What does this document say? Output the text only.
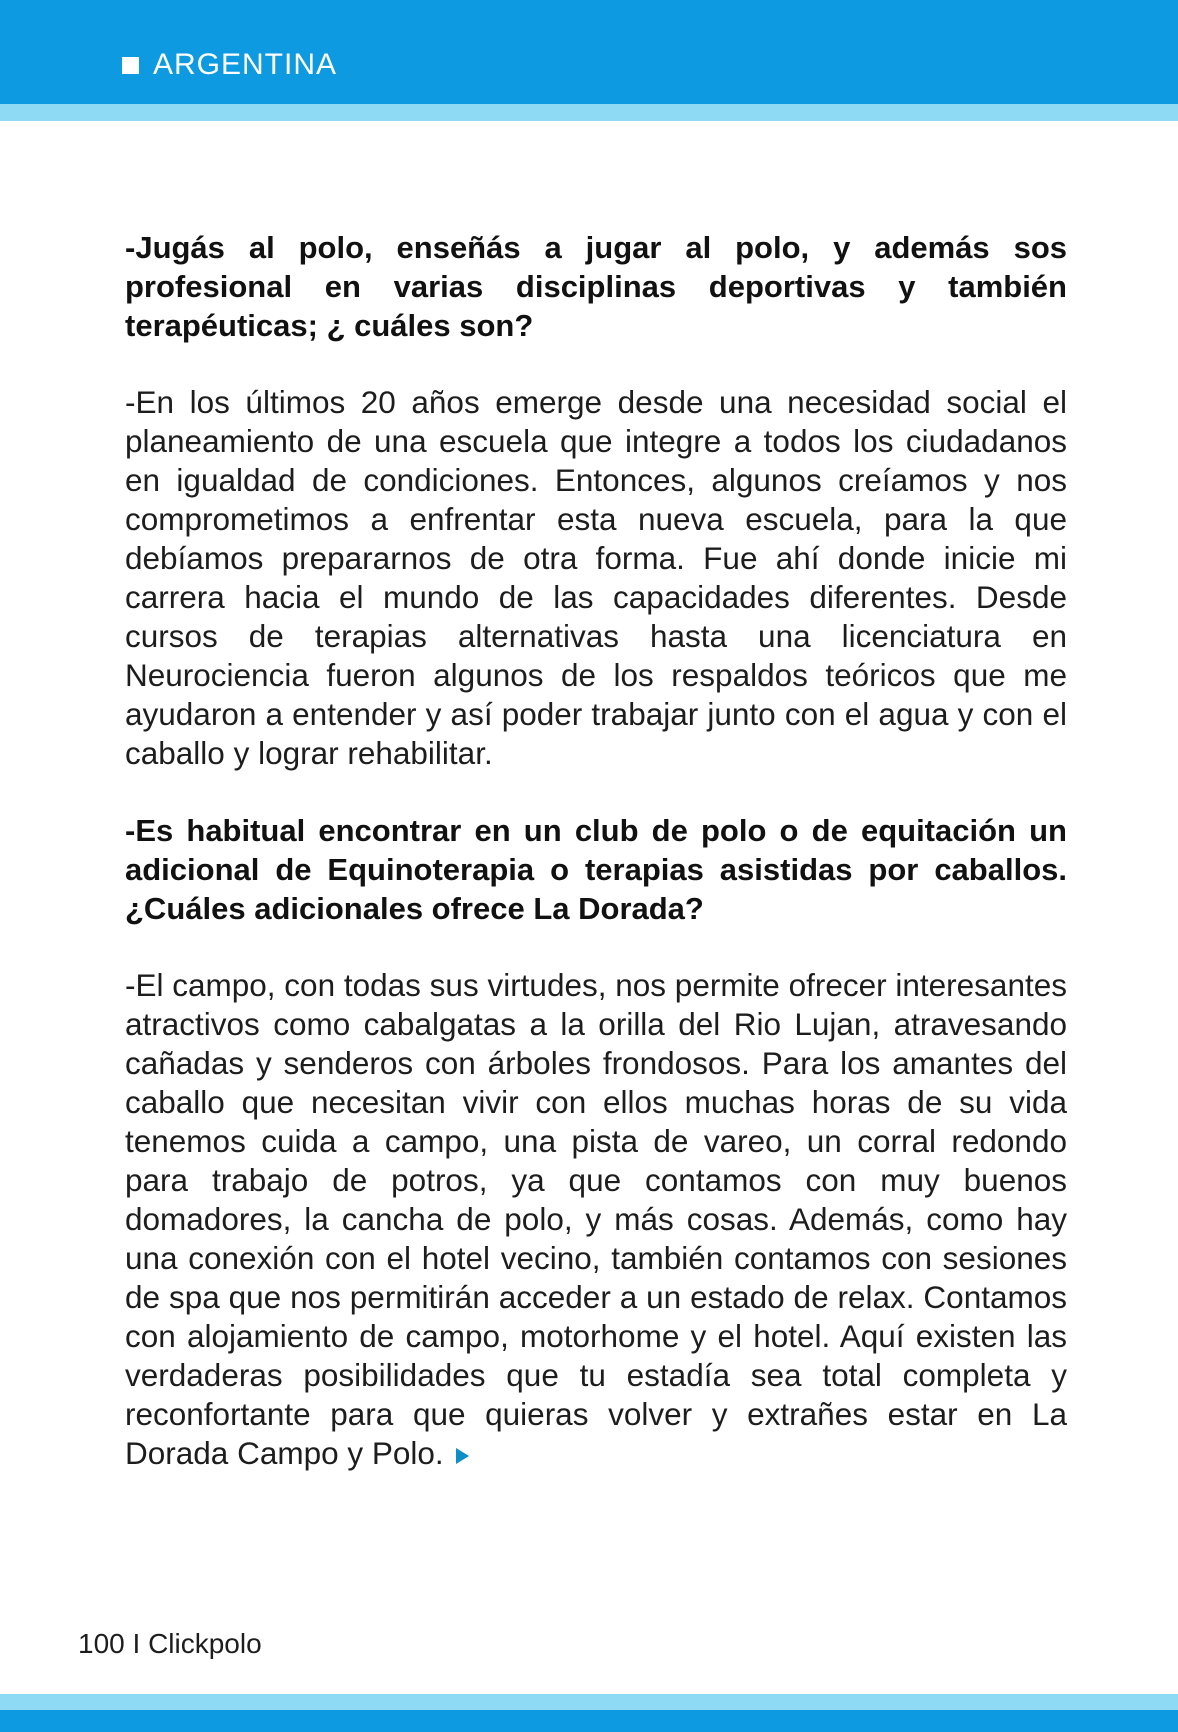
ARGENTINA

-Jugás al polo, enseñás a jugar al polo, y además sos profesional en varias disciplinas deportivas y también terapéuticas; ¿ cuáles son?

-En los últimos 20 años emerge desde una necesidad social el planeamiento de una escuela que integre a todos los ciudadanos en igualdad de condiciones. Entonces, algunos creíamos y nos comprometimos a enfrentar esta nueva escuela, para la que debíamos prepararnos de otra forma. Fue ahí donde inicie mi carrera hacia el mundo de las capacidades diferentes. Desde cursos de terapias alternativas hasta una licenciatura en Neurociencia fueron algunos de los respaldos teóricos que me ayudaron a entender y así poder trabajar junto con el agua y con el caballo y lograr rehabilitar.

-Es habitual encontrar en un club de polo o de equitación un adicional de Equinoterapia o terapias asistidas por caballos. ¿Cuáles adicionales ofrece La Dorada?

-El campo, con todas sus virtudes, nos permite ofrecer interesantes atractivos como cabalgatas a la orilla del Rio Lujan, atravesando cañadas y senderos con árboles frondosos. Para los amantes del caballo que necesitan vivir con ellos muchas horas de su vida tenemos cuida a campo, una pista de vareo, un corral redondo para trabajo de potros, ya que contamos con muy buenos domadores, la cancha de polo, y más cosas. Además, como hay una conexión con el hotel vecino, también contamos con sesiones de spa que nos permitirán acceder a un estado de relax. Contamos con alojamiento de campo, motorhome y el hotel. Aquí existen las verdaderas posibilidades que tu estadía sea total completa y reconfortante para que quieras volver y extrañes estar en La Dorada Campo y Polo.

100 I Clickpolo
